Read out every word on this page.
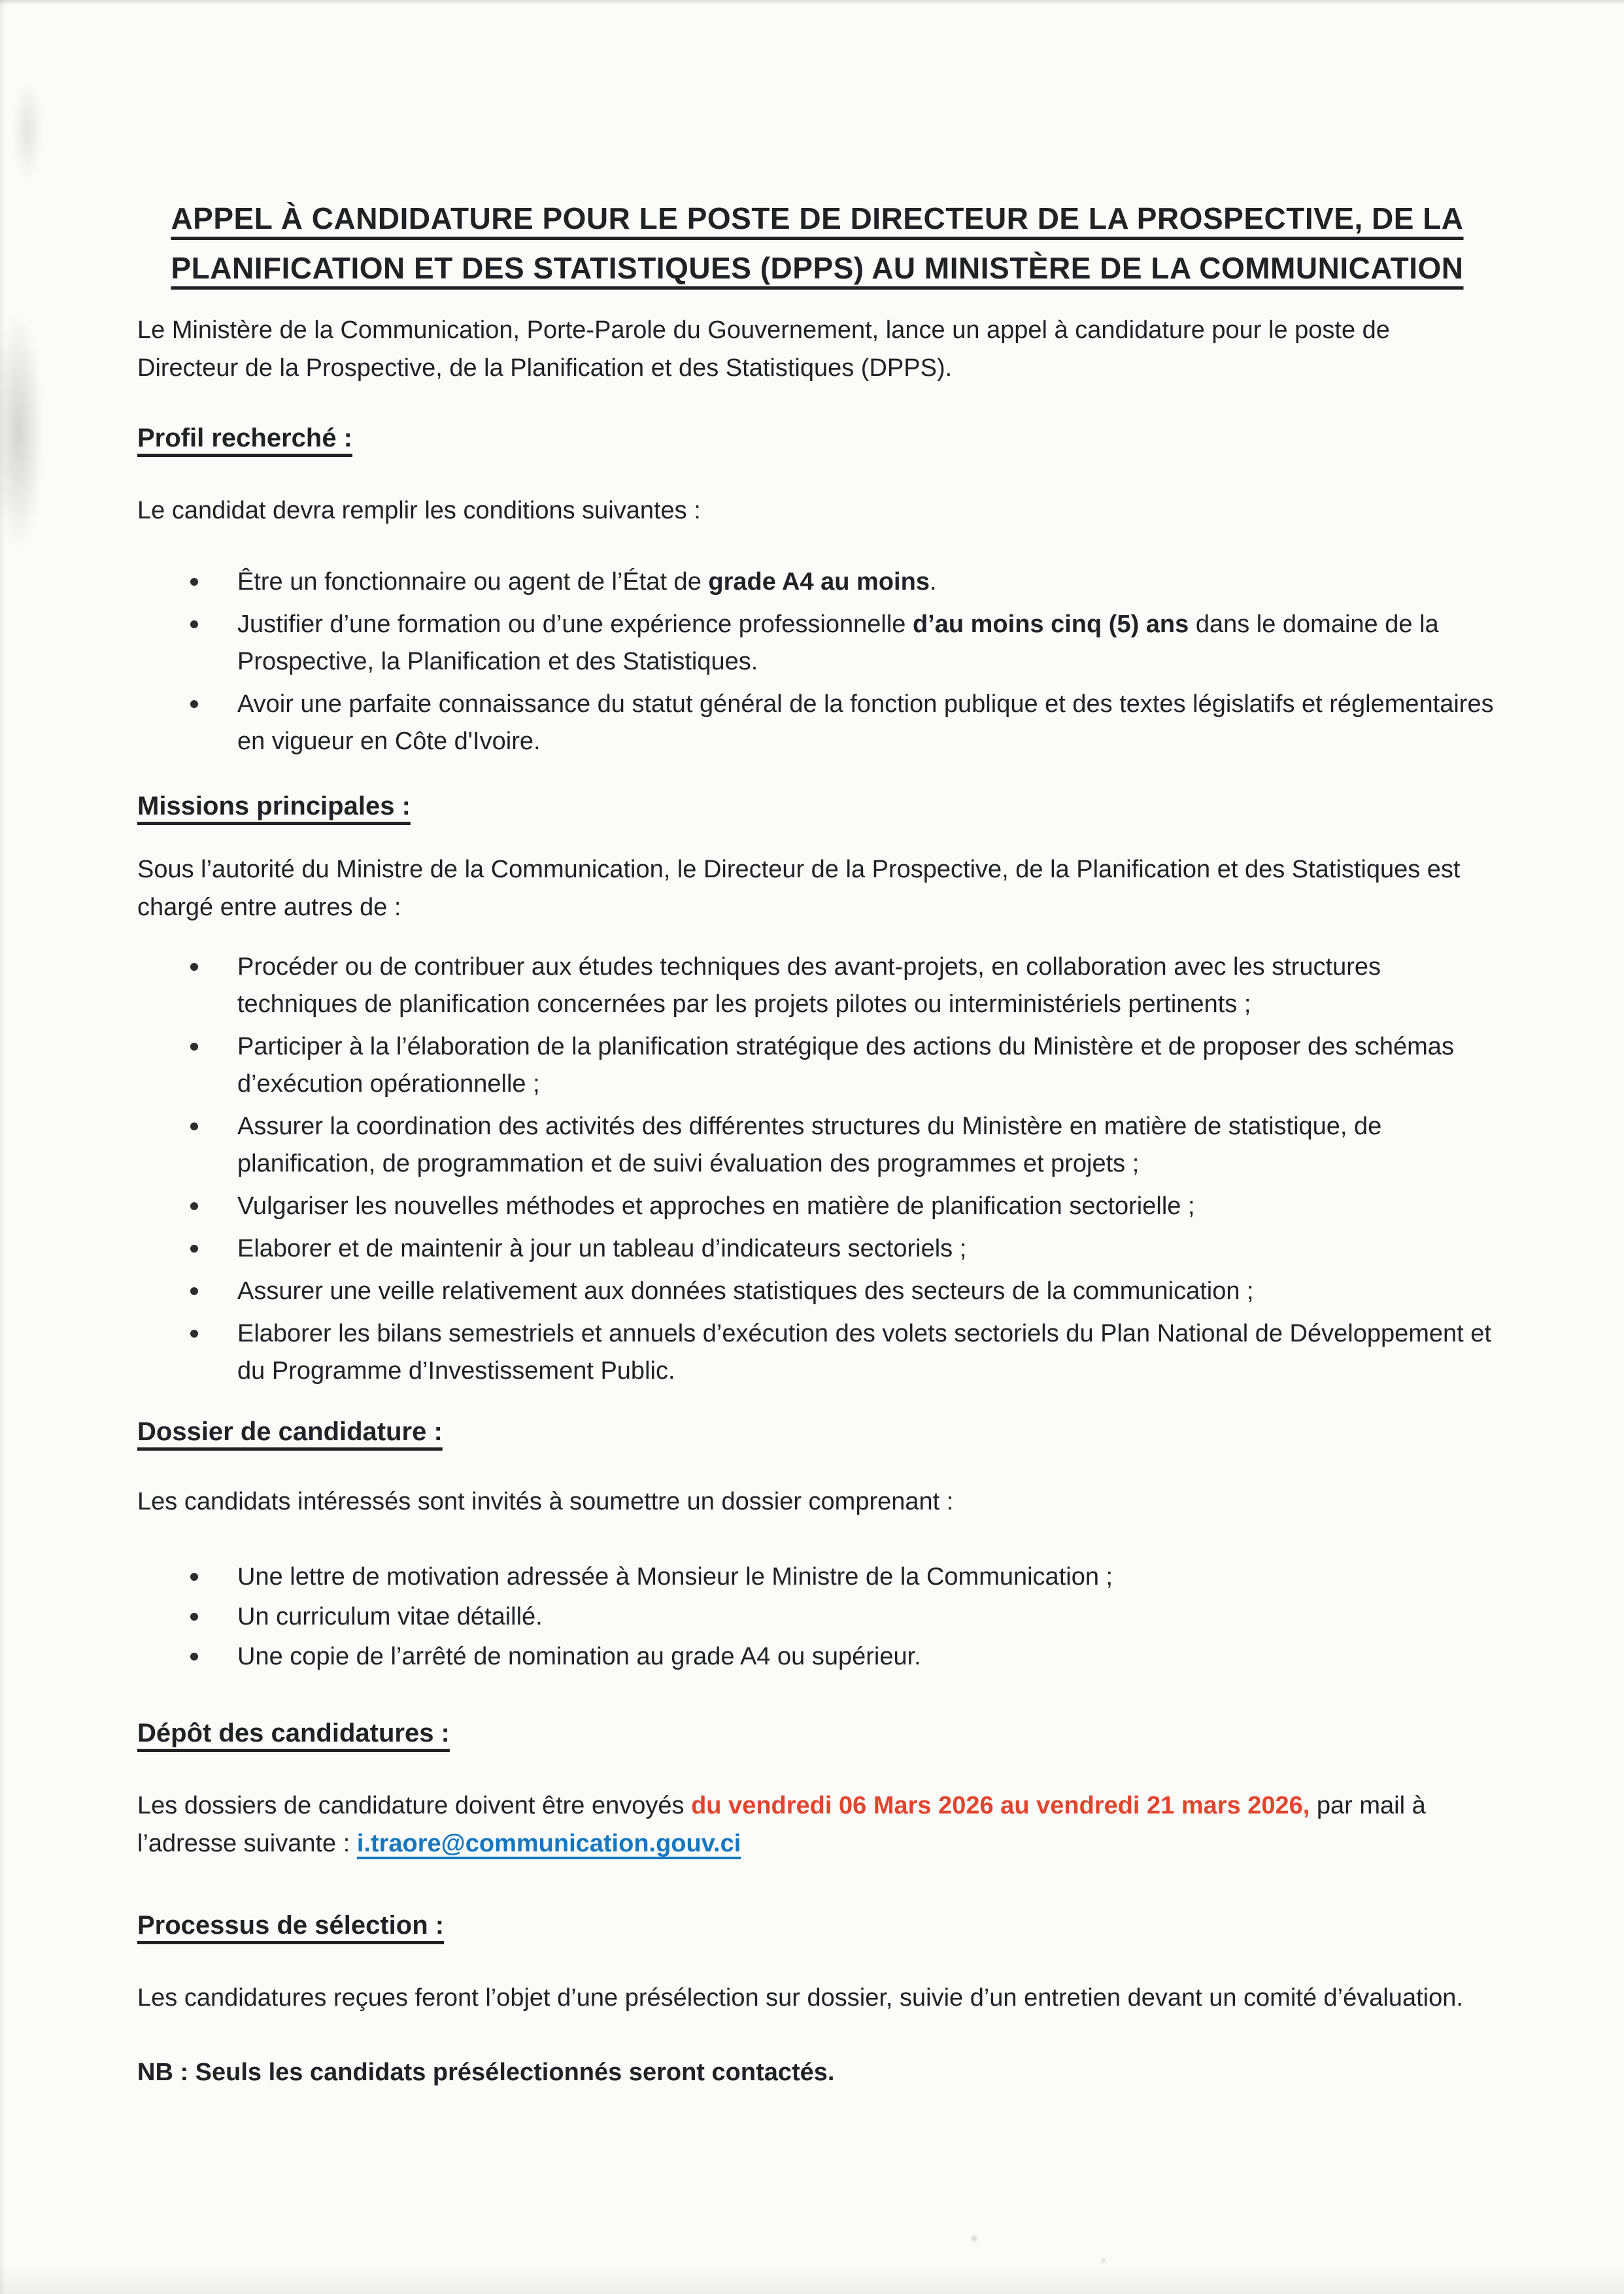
APPEL À CANDIDATURE POUR LE POSTE DE DIRECTEUR DE LA PROSPECTIVE, DE LA
PLANIFICATION ET DES STATISTIQUES (DPPS) AU MINISTÈRE DE LA COMMUNICATION

Le Ministère de la Communication, Porte-Parole du Gouvernement, lance un appel à candidature pour le poste de Directeur de la Prospective, de la Planification et des Statistiques (DPPS).

Profil recherché :

Le candidat devra remplir les conditions suivantes :

Être un fonctionnaire ou agent de l’État de grade A4 au moins.
Justifier d’une formation ou d’une expérience professionnelle d’au moins cinq (5) ans dans le domaine de la Prospective, la Planification et des Statistiques.
Avoir une parfaite connaissance du statut général de la fonction publique et des textes législatifs et réglementaires en vigueur en Côte d'Ivoire.
Missions principales :

Sous l’autorité du Ministre de la Communication, le Directeur de la Prospective, de la Planification et des Statistiques est chargé entre autres de :

Procéder ou de contribuer aux études techniques des avant-projets, en collaboration avec les structures techniques de planification concernées par les projets pilotes ou interministériels pertinents ;
Participer à la l’élaboration de la planification stratégique des actions du Ministère et de proposer des schémas d’exécution opérationnelle ;
Assurer la coordination des activités des différentes structures du Ministère en matière de statistique, de planification, de programmation et de suivi évaluation des programmes et projets ;
Vulgariser les nouvelles méthodes et approches en matière de planification sectorielle ;
Elaborer et de maintenir à jour un tableau d’indicateurs sectoriels ;
Assurer une veille relativement aux données statistiques des secteurs de la communication ;
Elaborer les bilans semestriels et annuels d’exécution des volets sectoriels du Plan National de Développement et du Programme d’Investissement Public.
Dossier de candidature :

Les candidats intéressés sont invités à soumettre un dossier comprenant :

Une lettre de motivation adressée à Monsieur le Ministre de la Communication ;
Un curriculum vitae détaillé.
Une copie de l’arrêté de nomination au grade A4 ou supérieur.
Dépôt des candidatures :

Les dossiers de candidature doivent être envoyés du vendredi 06 Mars 2026 au vendredi 21 mars 2026, par mail à l’adresse suivante : i.traore@communication.gouv.ci

Processus de sélection :

Les candidatures reçues feront l’objet d’une présélection sur dossier, suivie d’un entretien devant un comité d’évaluation.

NB : Seuls les candidats présélectionnés seront contactés.
